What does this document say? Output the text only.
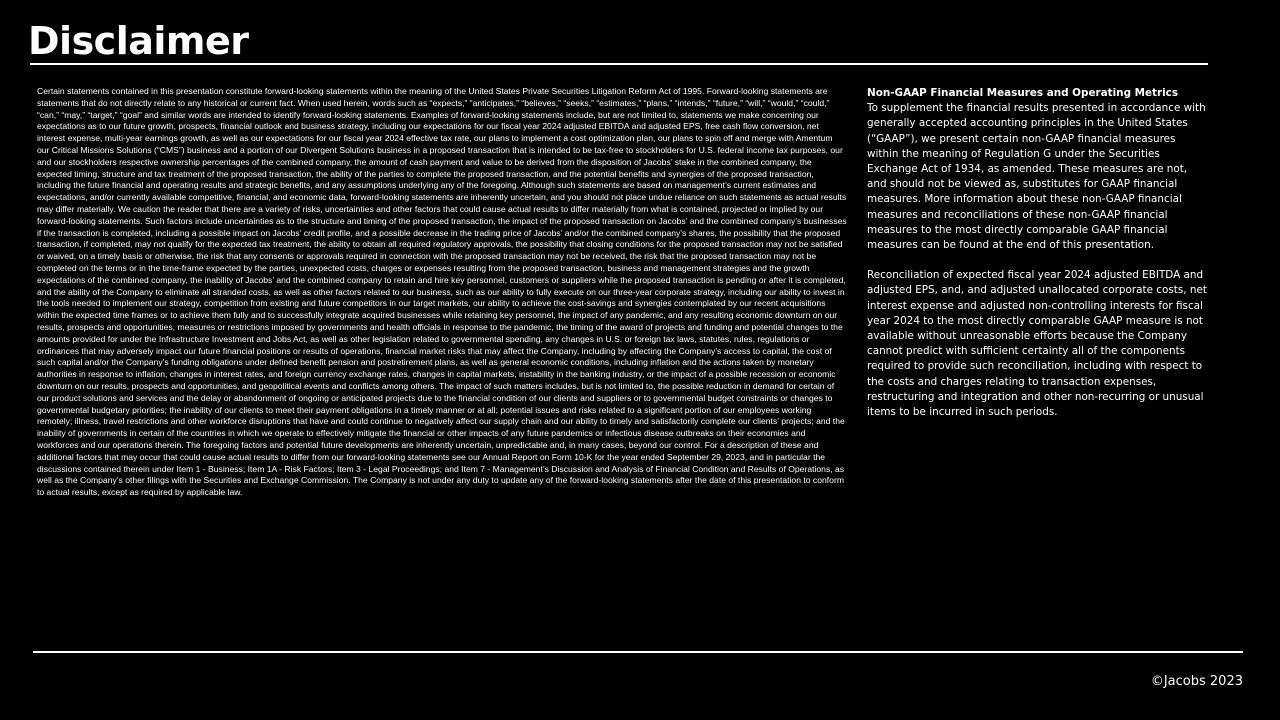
Disclaimer

Certain statements contained in this presentation constitute forward-looking statements within the meaning of the United States Private Securities Litigation Reform Act of 1995. Forward-looking statements are statements that do not directly relate to any historical or current fact. When used herein, words such as “expects,” “anticipates,” “believes,” “seeks,” “estimates,” “plans,” “intends,” “future,” “will,” “would,” “could,” “can,” “may,” “target,” “goal” and similar words are intended to identify forward-looking statements. Examples of forward-looking statements include, but are not limited to, statements we make concerning our expectations as to our future growth, prospects, financial outlook and business strategy, including our expectations for our fiscal year 2024 adjusted EBITDA and adjusted EPS, free cash flow conversion, net interest expense, multi-year earnings growth, as well as our expectations for our fiscal year 2024 effective tax rate, our plans to implement a cost optimization plan, our plans to spin off and merge with Amentum our Critical Missions Solutions (“CMS”) business and a portion of our Divergent Solutions business in a proposed transaction that is intended to be tax-free to stockholders for U.S. federal income tax purposes, our and our stockholders respective ownership percentages of the combined company, the amount of cash payment and value to be derived from the disposition of Jacobs’ stake in the combined company, the expected timing, structure and tax treatment of the proposed transaction, the ability of the parties to complete the proposed transaction, and the potential benefits and synergies of the proposed transaction, including the future financial and operating results and strategic benefits, and any assumptions underlying any of the foregoing. Although such statements are based on management’s current estimates and expectations, and/or currently available competitive, financial, and economic data, forward-looking statements are inherently uncertain, and you should not place undue reliance on such statements as actual results may differ materially. We caution the reader that there are a variety of risks, uncertainties and other factors that could cause actual results to differ materially from what is contained, projected or implied by our forward-looking statements. Such factors include uncertainties as to the structure and timing of the proposed transaction, the impact of the proposed transaction on Jacobs’ and the combined company’s businesses if the transaction is completed, including a possible impact on Jacobs’ credit profile, and a possible decrease in the trading price of Jacobs’ and/or the combined company’s shares, the possibility that the proposed transaction, if completed, may not qualify for the expected tax treatment, the ability to obtain all required regulatory approvals, the possibility that closing conditions for the proposed transaction may not be satisfied or waived, on a timely basis or otherwise, the risk that any consents or approvals required in connection with the proposed transaction may not be received, the risk that the proposed transaction may not be completed on the terms or in the time-frame expected by the parties, unexpected costs, charges or expenses resulting from the proposed transaction, business and management strategies and the growth expectations of the combined company, the inability of Jacobs’ and the combined company to retain and hire key personnel, customers or suppliers while the proposed transaction is pending or after it is completed, and the ability of the Company to eliminate all stranded costs, as well as other factors related to our business, such as our ability to fully execute on our three-year corporate strategy, including our ability to invest in the tools needed to implement our strategy, competition from existing and future competitors in our target markets, our ability to achieve the cost-savings and synergies contemplated by our recent acquisitions within the expected time frames or to achieve them fully and to successfully integrate acquired businesses while retaining key personnel, the impact of any pandemic, and any resulting economic downturn on our results, prospects and opportunities, measures or restrictions imposed by governments and health officials in response to the pandemic, the timing of the award of projects and funding and potential changes to the amounts provided for under the Infrastructure Investment and Jobs Act, as well as other legislation related to governmental spending, any changes in U.S. or foreign tax laws, statutes, rules, regulations or ordinances that may adversely impact our future financial positions or results of operations, financial market risks that may affect the Company, including by affecting the Company’s access to capital, the cost of such capital and/or the Company’s funding obligations under defined benefit pension and postretirement plans, as well as general economic conditions, including inflation and the actions taken by monetary authorities in response to inflation, changes in interest rates, and foreign currency exchange rates, changes in capital markets, instability in the banking industry, or the impact of a possible recession or economic downturn on our results, prospects and opportunities, and geopolitical events and conflicts among others. The impact of such matters includes, but is not limited to, the possible reduction in demand for certain of our product solutions and services and the delay or abandonment of ongoing or anticipated projects due to the financial condition of our clients and suppliers or to governmental budget constraints or changes to governmental budgetary priorities; the inability of our clients to meet their payment obligations in a timely manner or at all; potential issues and risks related to a significant portion of our employees working remotely; illness, travel restrictions and other workforce disruptions that have and could continue to negatively affect our supply chain and our ability to timely and satisfactorily complete our clients’ projects; and the inability of governments in certain of the countries in which we operate to effectively mitigate the financial or other impacts of any future pandemics or infectious disease outbreaks on their economies and workforces and our operations therein. The foregoing factors and potential future developments are inherently uncertain, unpredictable and, in many cases, beyond our control. For a description of these and additional factors that may occur that could cause actual results to differ from our forward-looking statements see our Annual Report on Form 10-K for the year ended September 29, 2023, and in particular the discussions contained therein under Item 1 - Business; Item 1A - Risk Factors; Item 3 - Legal Proceedings; and Item 7 - Management’s Discussion and Analysis of Financial Condition and Results of Operations, as well as the Company’s other filings with the Securities and Exchange Commission. The Company is not under any duty to update any of the forward-looking statements after the date of this presentation to conform to actual results, except as required by applicable law.

Non-GAAP Financial Measures and Operating Metrics
To supplement the financial results presented in accordance with generally accepted accounting principles in the United States (“GAAP”), we present certain non-GAAP financial measures within the meaning of Regulation G under the Securities Exchange Act of 1934, as amended. These measures are not, and should not be viewed as, substitutes for GAAP financial measures. More information about these non-GAAP financial measures and reconciliations of these non-GAAP financial measures to the most directly comparable GAAP financial measures can be found at the end of this presentation.

Reconciliation of expected fiscal year 2024 adjusted EBITDA and adjusted EPS, and, and adjusted unallocated corporate costs, net interest expense and adjusted non-controlling interests for fiscal year 2024 to the most directly comparable GAAP measure is not available without unreasonable efforts because the Company cannot predict with sufficient certainty all of the components required to provide such reconciliation, including with respect to the costs and charges relating to transaction expenses, restructuring and integration and other non-recurring or unusual items to be incurred in such periods.

©Jacobs 2023
